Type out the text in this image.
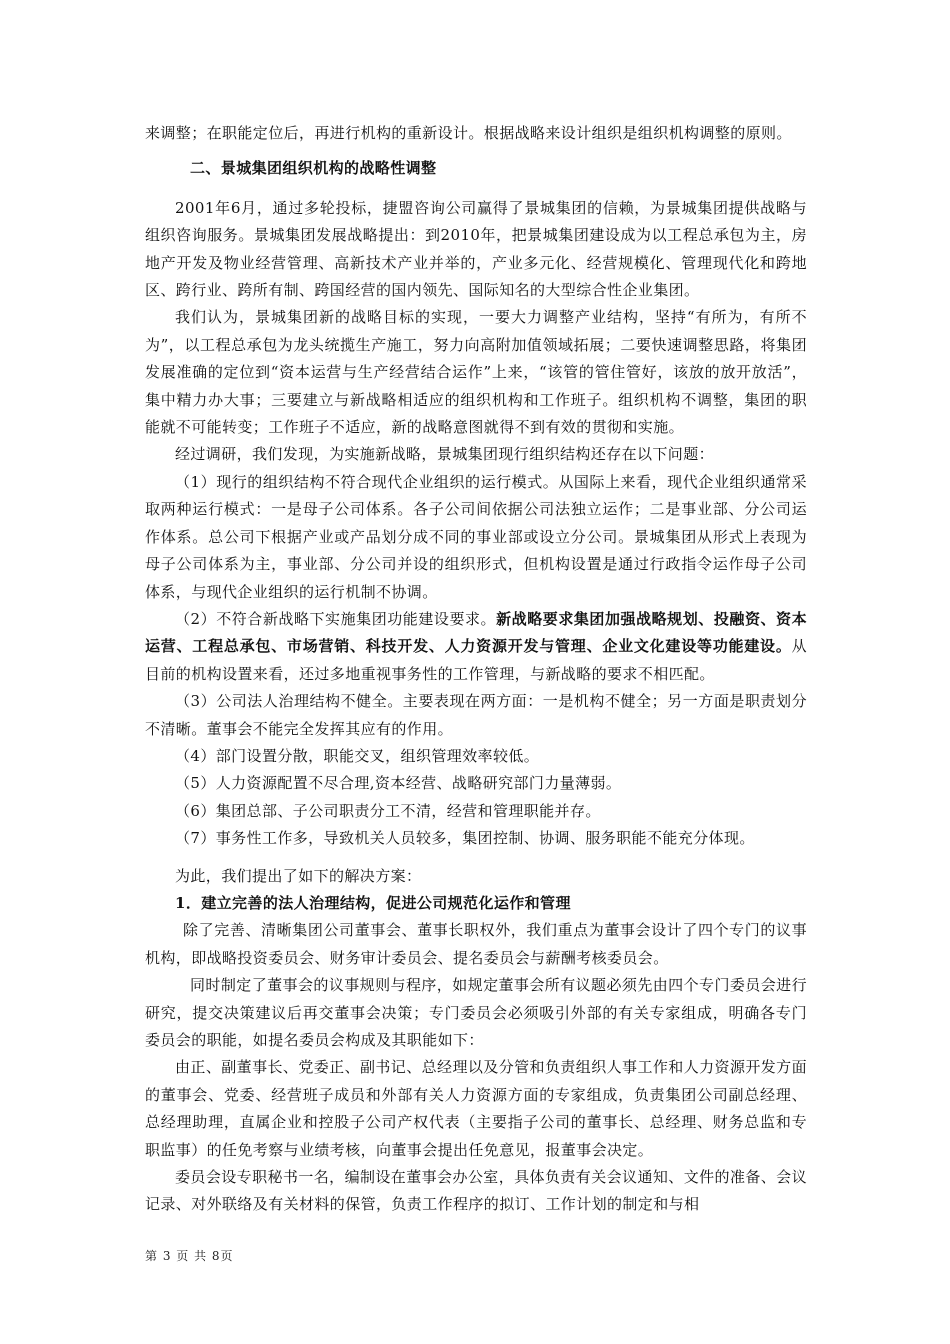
来调整；在职能定位后，再进行机构的重新设计。根据战略来设计组织是组织机构调整的原则。

二、景城集团组织机构的战略性调整

2001年6月，通过多轮投标，捷盟咨询公司赢得了景城集团的信赖，为景城集团提供战略与组织咨询服务。景城集团发展战略提出：到2010年，把景城集团建设成为以工程总承包为主，房地产开发及物业经营管理、高新技术产业并举的，产业多元化、经营规模化、管理现代化和跨地区、跨行业、跨所有制、跨国经营的国内领先、国际知名的大型综合性企业集团。

我们认为，景城集团新的战略目标的实现，一要大力调整产业结构，坚持“有所为，有所不为”，以工程总承包为龙头统揽生产施工，努力向高附加值领域拓展；二要快速调整思路，将集团发展准确的定位到“资本运营与生产经营结合运作”上来，“该管的管住管好，该放的放开放活”，集中精力办大事；三要建立与新战略相适应的组织机构和工作班子。组织机构不调整，集团的职能就不可能转变；工作班子不适应，新的战略意图就得不到有效的贯彻和实施。

经过调研，我们发现，为实施新战略，景城集团现行组织结构还存在以下问题：

（1）现行的组织结构不符合现代企业组织的运行模式。从国际上来看，现代企业组织通常采取两种运行模式：一是母子公司体系。各子公司间依据公司法独立运作；二是事业部、分公司运作体系。总公司下根据产业或产品划分成不同的事业部或设立分公司。景城集团从形式上表现为母子公司体系为主，事业部、分公司并设的组织形式，但机构设置是通过行政指令运作母子公司体系，与现代企业组织的运行机制不协调。

（2）不符合新战略下实施集团功能建设要求。新战略要求集团加强战略规划、投融资、资本运营、工程总承包、市场营销、科技开发、人力资源开发与管理、企业文化建设等功能建设。从目前的机构设置来看，还过多地重视事务性的工作管理，与新战略的要求不相匹配。

（3）公司法人治理结构不健全。主要表现在两方面：一是机构不健全；另一方面是职责划分不清晰。董事会不能完全发挥其应有的作用。

（4）部门设置分散，职能交叉，组织管理效率较低。

（5）人力资源配置不尽合理,资本经营、战略研究部门力量薄弱。

（6）集团总部、子公司职责分工不清，经营和管理职能并存。

（7）事务性工作多，导致机关人员较多，集团控制、协调、服务职能不能充分体现。

为此，我们提出了如下的解决方案：

1．建立完善的法人治理结构，促进公司规范化运作和管理

除了完善、清晰集团公司董事会、董事长职权外，我们重点为董事会设计了四个专门的议事机构，即战略投资委员会、财务审计委员会、提名委员会与薪酬考核委员会。

同时制定了董事会的议事规则与程序，如规定董事会所有议题必须先由四个专门委员会进行研究，提交决策建议后再交董事会决策；专门委员会必须吸引外部的有关专家组成，明确各专门委员会的职能，如提名委员会构成及其职能如下：

由正、副董事长、党委正、副书记、总经理以及分管和负责组织人事工作和人力资源开发方面的董事会、党委、经营班子成员和外部有关人力资源方面的专家组成，负责集团公司副总经理、总经理助理，直属企业和控股子公司产权代表（主要指子公司的董事长、总经理、财务总监和专职监事）的任免考察与业绩考核，向董事会提出任免意见，报董事会决定。

委员会设专职秘书一名，编制设在董事会办公室，具体负责有关会议通知、文件的准备、会议记录、对外联络及有关材料的保管，负责工作程序的拟订、工作计划的制定和与相

第 3 页 共 8页
